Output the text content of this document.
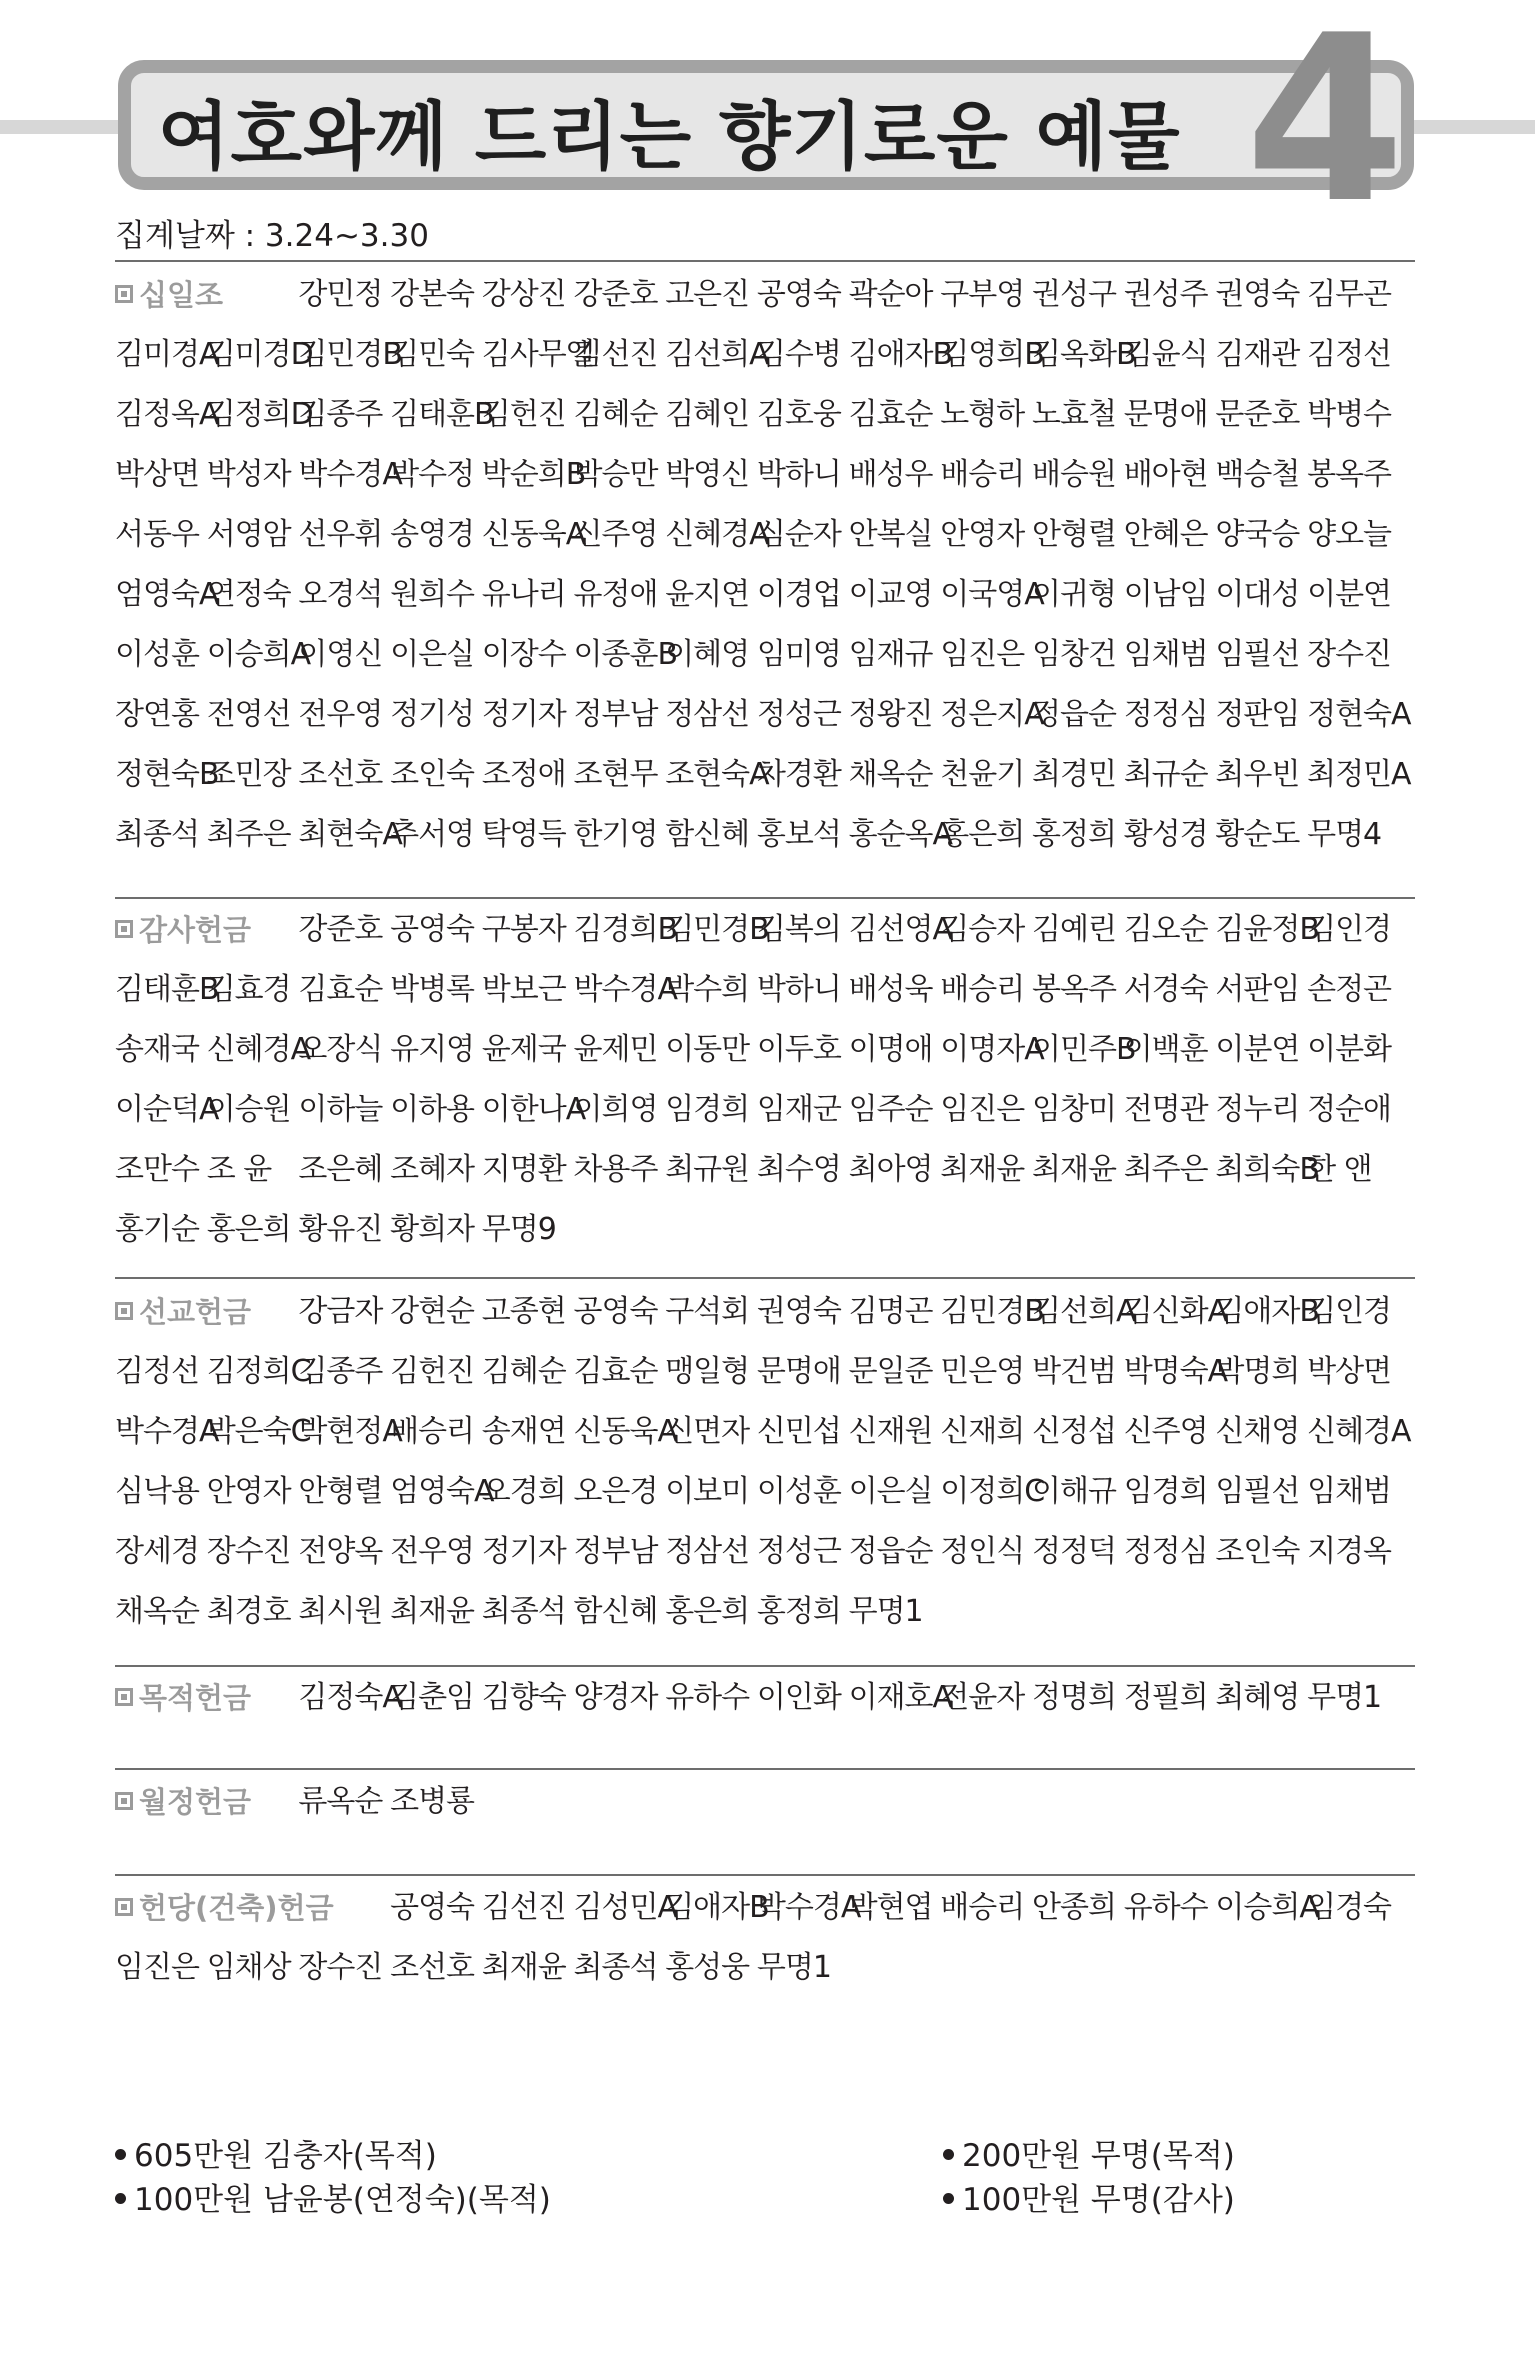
여호와께 드리는 향기로운 예물 4
집계날짜 : 3.24~3.30
십일조	강민정 강본숙 강상진 강준호 고은진 공영숙 곽순아 구부영 권성구 권성주 권영숙 김무곤
김미경A
김미경D
김민경B
김민숙 김사무엘
김선진 김선희A
김수병 김애자B
김영희B
김옥화B
김윤식 김재관 김정선
김정옥A
김정희D
김종주 김태훈B
김헌진 김혜순 김혜인 김호웅 김효순 노형하 노효철 문명애 문준호 박병수
박상면 박성자 박수경A
박수정 박순희B
박승만 박영신 박하니 배성우 배승리 배승원 배아현 백승철 봉옥주
서동우 서영암 선우휘 송영경 신동욱A
신주영 신혜경A
심순자 안복실 안영자 안형렬 안혜은 양국승 양오늘
엄영숙A
연정숙 오경석 원희수 유나리 유정애 윤지연 이경업 이교영 이국영A
이귀형 이남임 이대성 이분연
이성훈 이승희A
이영신 이은실 이장수 이종훈B
이혜영 임미영 임재규 임진은 임창건 임채범 임필선 장수진
장연홍 전영선 전우영 정기성 정기자 정부남 정삼선 정성근 정왕진 정은지A
정읍순 정정심 정판임 정현숙A
정현숙B
조민장 조선호 조인숙 조정애 조현무 조현숙A
차경환 채옥순 천윤기 최경민 최규순 최우빈 최정민A
최종석 최주은 최현숙A
추서영 탁영득 한기영 함신혜 홍보석 홍순옥A
홍은희 홍정희 황성경 황순도 무명4
감사헌금 강준호 공영숙 구봉자 김경희B
김민경B
김복의 김선영A
김승자 김예린 김오순 김윤정B
김인경
김태훈B
김효경 김효순 박병록 박보근 박수경A
박수희 박하니 배성욱 배승리 봉옥주 서경숙 서판임 손정곤
송재국 신혜경A
오장식 유지영 윤제국 윤제민 이동만 이두호 이명애 이명자A
이민주B
이백훈 이분연 이분화
이순덕A
이승원 이하늘 이하용 이한나A
이희영 임경희 임재군 임주순 임진은 임창미 전명관 정누리 정순애
조만수 조 윤 조은혜 조혜자 지명환 차용주 최규원 최수영 최아영 최재윤 최재윤 최주은 최희숙B
한 앤
홍기순 홍은희 황유진 황희자 무명9
선교헌금 강금자 강현순 고종현 공영숙 구석회 권영숙 김명곤 김민경B
김선희A
김신화A
김애자B
김인경
김정선 김정희C
김종주 김헌진 김혜순 김효순 맹일형 문명애 문일준 민은영 박건범 박명숙A
박명희 박상면
박수경A
박은숙C
박현정A
배승리 송재연 신동욱A
신면자 신민섭 신재원 신재희 신정섭 신주영 신채영 신혜경A
심낙용 안영자 안형렬 엄영숙A
오경희 오은경 이보미 이성훈 이은실 이정희C
이해규 임경희 임필선 임채범
장세경 장수진 전양옥 전우영 정기자 정부남 정삼선 정성근 정읍순 정인식 정정덕 정정심 조인숙 지경옥
채옥순 최경호 최시원 최재윤 최종석 함신혜 홍은희 홍정희 무명1
목적헌금 김정숙A
김춘임 김향숙 양경자 유하수 이인화 이재호A
전윤자 정명희 정필희 최혜영 무명1
월정헌금 류옥순 조병룡
헌당(건축)헌금 공영숙 김선진 김성민A
김애자B
박수경A
박현엽 배승리 안종희 유하수 이승희A
임경숙
임진은 임채상 장수진 조선호 최재윤 최종석 홍성웅 무명1
605만원 김충자(목적)	200만원 무명(목적)
100만원 남윤봉(연정숙)(목적)	100만원 무명(감사)
